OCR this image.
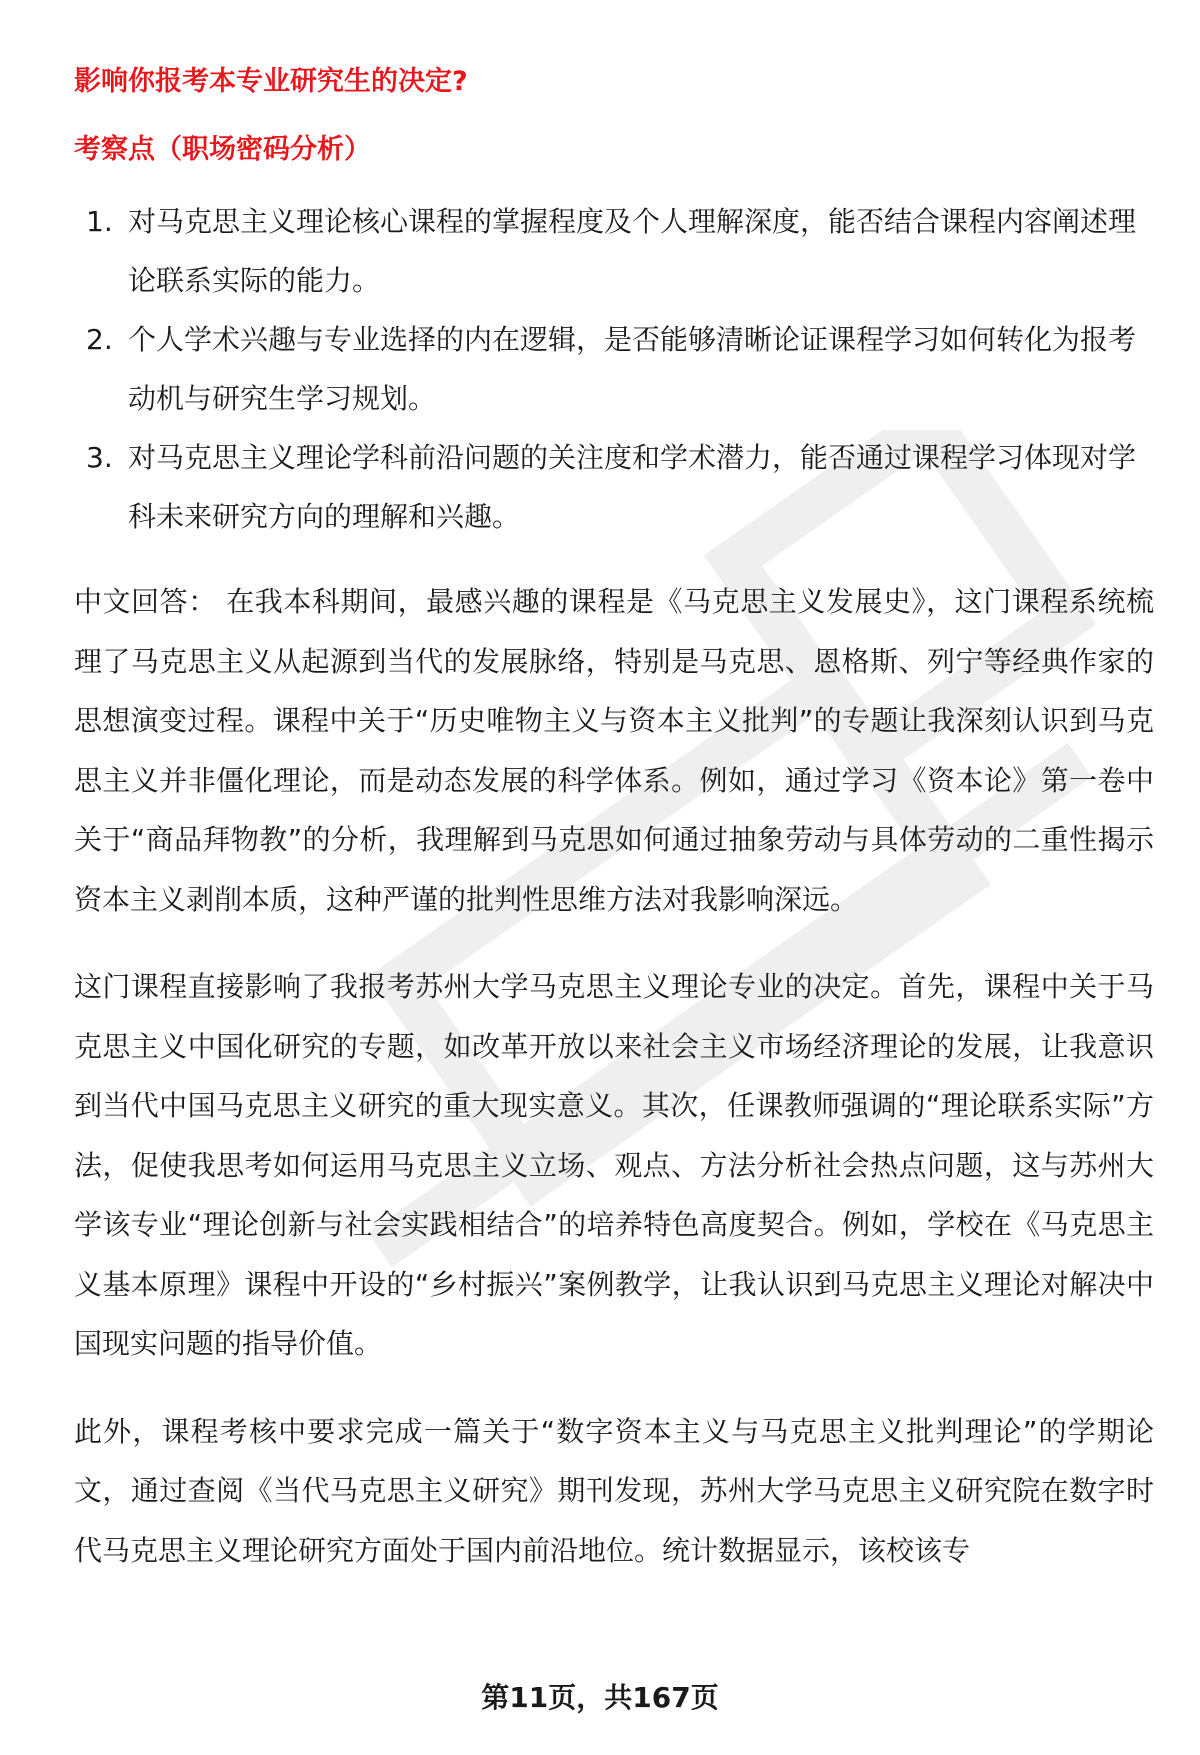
影响你报考本专业研究生的决定?
考察点（职场密码分析）
1. 对马克思主义理论核心课程的掌握程度及个人理解深度，能否结合课程内容阐述理论联系实际的能力。
2. 个人学术兴趣与专业选择的内在逻辑，是否能够清晰论证课程学习如何转化为报考动机与研究生学习规划。
3. 对马克思主义理论学科前沿问题的关注度和学术潜力，能否通过课程学习体现对学科未来研究方向的理解和兴趣。

中文回答： 在我本科期间，最感兴趣的课程是《马克思主义发展史》，这门课程系统梳理了马克思主义从起源到当代的发展脉络，特别是马克思、恩格斯、列宁等经典作家的思想演变过程。课程中关于“历史唯物主义与资本主义批判”的专题让我深刻认识到马克思主义并非僵化理论，而是动态发展的科学体系。例如，通过学习《资本论》第一卷中关于“商品拜物教”的分析，我理解到马克思如何通过抽象劳动与具体劳动的二重性揭示资本主义剥削本质，这种严谨的批判性思维方法对我影响深远。

这门课程直接影响了我报考苏州大学马克思主义理论专业的决定。首先，课程中关于马克思主义中国化研究的专题，如改革开放以来社会主义市场经济理论的发展，让我意识到当代中国马克思主义研究的重大现实意义。其次，任课教师强调的“理论联系实际”方法，促使我思考如何运用马克思主义立场、观点、方法分析社会热点问题，这与苏州大学该专业“理论创新与社会实践相结合”的培养特色高度契合。例如，学校在《马克思主义基本原理》课程中开设的“乡村振兴”案例教学，让我认识到马克思主义理论对解决中国现实问题的指导价值。

此外，课程考核中要求完成一篇关于“数字资本主义与马克思主义批判理论”的学期论文，通过查阅《当代马克思主义研究》期刊发现，苏州大学马克思主义研究院在数字时代马克思主义理论研究方面处于国内前沿地位。统计数据显示，该校该专

第11页，共167页
